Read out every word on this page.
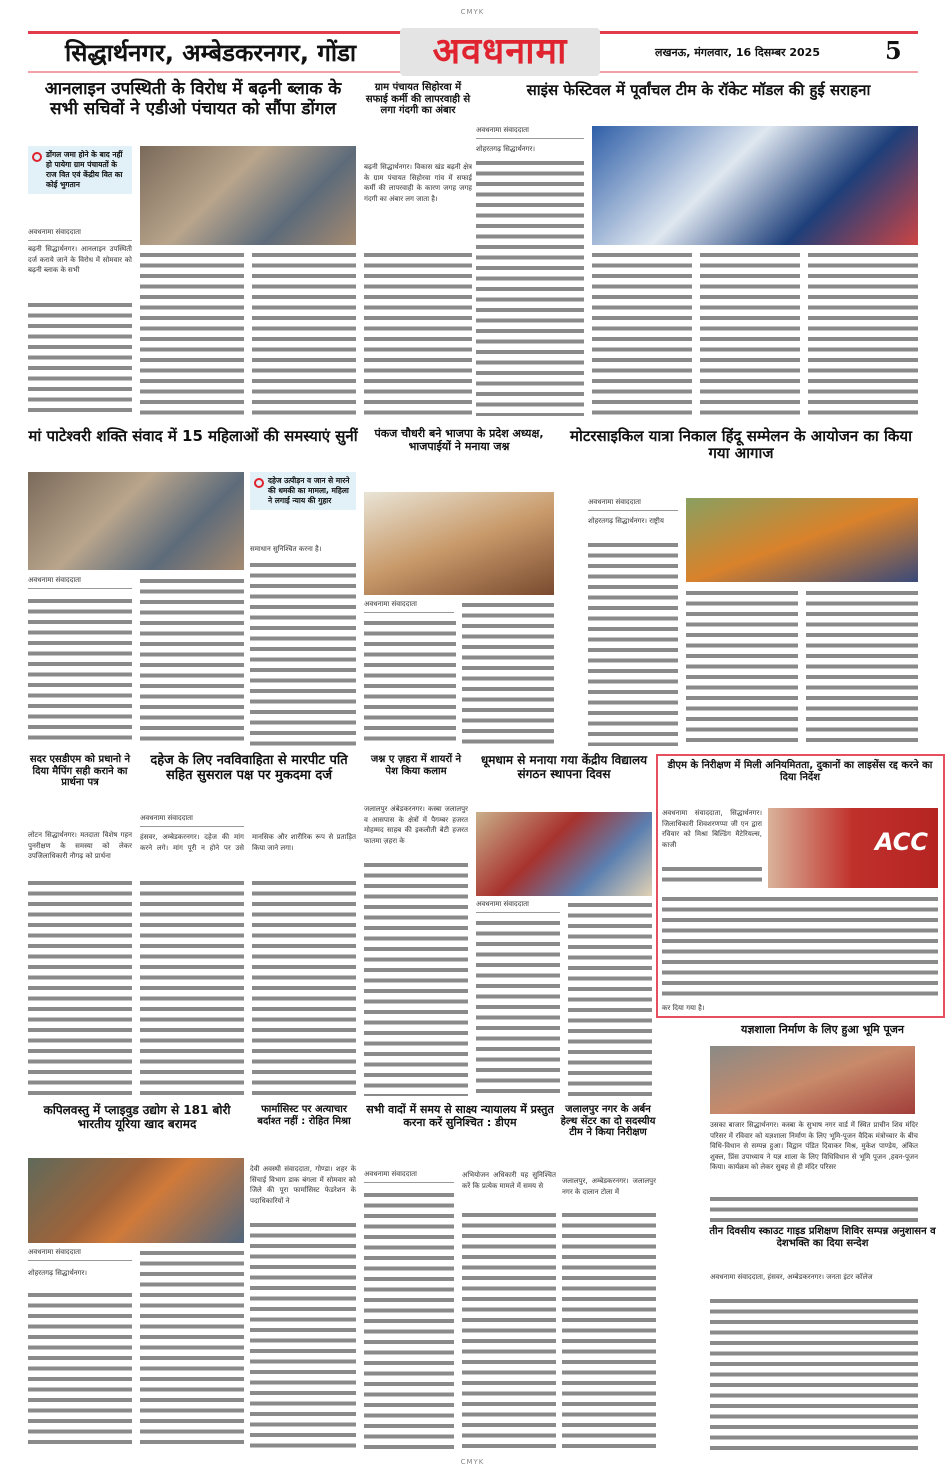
CMYK
सिद्धार्थनगर, अम्बेडकरनगर, गोंडा	अवधनामा	लखनऊ, मंगलवार, 16 दिसम्बर 2025	5
आनलाइन उपस्थिती के विरोध में बढ़नी ब्लाक के सभी सचिवों ने एडीओ पंचायत को सौंपा डोंगल
डोंगल जमा होने के बाद नहीं हो पायेगा ग्राम पंचायतों के राज वित एवं केंद्रीय वित का कोई भुगतान
अवधनामा संवाददाता
बढ़नी सिद्धार्थनगर। आनलाइन उपस्थिती दर्ज कराये जाने के विरोध में सोमवार को बढ़नी ब्लाक के सभी
ग्राम पंचायत सिहोरवा में सफाई कर्मी की लापरवाही से लगा गंदगी का अंबार
बढ़नी सिद्धार्थनगर। विकास खंड बढ़नी क्षेत्र के ग्राम पंचायत सिहोरवा गांव में सफाई कर्मी की लापरवाही के कारण जगह जगह गंदगी का अंबार लग जाता है।
साइंस फेस्टिवल में पूर्वांचल टीम के रॉकेट मॉडल की हुई सराहना
अवधनामा संवाददाता
शोहरतगढ़ सिद्धार्थनगर।
मां पाटेश्वरी शक्ति संवाद में 15 महिलाओं की समस्याएं सुनीं
दहेज उत्पीड़न व जान से मारने की धमकी का मामला, महिला ने लगाई न्याय की गुहार
समाधान सुनिश्चित करना है।
अवधनामा संवाददाता
पंकज चौधरी बने भाजपा के प्रदेश अध्यक्ष, भाजपाईयों ने मनाया जश्न
अवधनामा संवाददाता
मोटरसाइकिल यात्रा निकाल हिंदू सम्मेलन के आयोजन का किया गया आगाज
अवधनामा संवाददाता
शोहरतगढ़ सिद्धार्थनगर। राष्ट्रीय
सदर एसडीएम को प्रधानो ने दिया मैपिंग सही कराने का प्रार्थना पत्र
लोटन सिद्धार्थनगर। मतदाता विशेष गहन पुनरीक्षण के समस्या को लेकर उपजिलाधिकारी नौगढ़ को प्रार्थना
दहेज के लिए नवविवाहिता से मारपीट पति सहित सुसराल पक्ष पर मुकदमा दर्ज
अवधनामा संवाददाता
हंसवर, अम्बेडकरनगर। दहेज की मांग करने लगे। मांग पूरी न होने पर उसे मानसिक और शारीरिक रूप से प्रताड़ित किया जाने लगा।
जश्न ए ज़हरा में शायरों ने पेश किया कलाम
जलालपुर अंबेडकरनगर। कस्बा जलालपुर व आसपास के क्षेत्रों में पैगम्बर हजरत मोहम्मद साहब की इकलौती बेटी हजरत फातमा ज़हरा के
धूमधाम से मनाया गया केंद्रीय विद्यालय संगठन स्थापना दिवस
अवधनामा संवाददाता
डीएम के निरीक्षण में मिली अनियमितता, दुकानों का लाइसेंस रद्द करने का दिया निर्देश
अवधनामा संवाददाता, सिद्धार्थनगर। जिलाधिकारी शिवशरणप्पा जी एन द्वारा रविवार को मिश्रा बिल्डिंग मैटेरियल्स, काजी	ACC
कर दिया गया है।
यज्ञशाला निर्माण के लिए हुआ भूमि पूजन
उसका बाजार सिद्धार्थनगर। कस्बा के सुभाष नगर वार्ड में स्थित प्राचीन शिव मंदिर परिसर में रविवार को यज्ञशाला निर्माण के लिए भूमि-पूजन वैदिक मंत्रोच्चार के बीच विधि-विधान से सम्पन्न हुआ। विद्वान पंडित दिवाकर मिश्र, मुकेश पाण्डेय, अंकित शुक्ल, प्रिंस उपाध्याय ने यज्ञ शाला के लिए विधिविधान से भूमि पूजन ,हवन-पूजन किया। कार्यक्रम को लेकर सुबह से ही मंदिर परिसर
तीन दिवसीय स्काउट गाइड प्रशिक्षण शिविर सम्पन्न अनुशासन व देशभक्ति का दिया सन्देश
अवधनामा संवाददाता, हंसवर, अम्बेडकरनगर। जनता इंटर कॉलेज
कपिलवस्तु में प्लाइवुड उद्योग से 181 बोरी भारतीय यूरिया खाद बरामद
अवधनामा संवाददाता
शोहरतगढ़ सिद्धार्थनगर।
फार्मासिस्ट पर अत्याचार बर्दाश्त नहीं : रोहित मिश्रा
देवी अवस्थी संवाददाता, गोण्डा। शहर के सिंचाई विभाग डाक बंगला में सोमवार को जिले की पूरा फार्मासिस्ट फेडरेशन के पदाधिकारियों ने
सभी वादों में समय से साक्ष्य न्यायालय में प्रस्तुत करना करें सुनिश्चित : डीएम
अवधनामा संवाददाता	अभियोजन अधिकारी यह सुनिश्चित करें कि प्रत्येक मामले में समय से
जलालपुर नगर के अर्बन हेल्थ सेंटर का दो सदस्यीय टीम ने किया निरीक्षण
जलालपुर, अम्बेडकरनगर। जलालपुर नगर के दालान टोला में
CMYK
